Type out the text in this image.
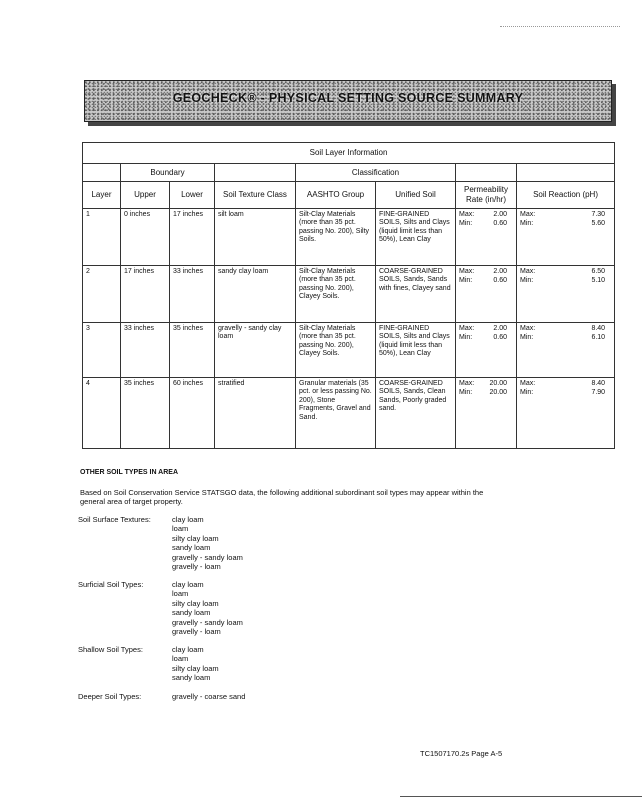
GEOCHECK® - PHYSICAL SETTING SOURCE SUMMARY
Soil Layer Information							
	Boundary			Classification			
Layer	Upper	Lower	Soil Texture Class	AASHTO Group	Unified Soil	Permeability Rate (in/hr)	Soil Reaction (pH)
1	0 inches	17 inches	silt loam	Silt-Clay Materials (more than 35 pct. passing No. 200), Silty Soils.	FINE-GRAINED SOILS, Silts and Clays (liquid limit less than 50%), Lean Clay	Max: 2.00
Min: 0.60	Max: 7.30
Min: 5.60

2	17 inches	33 inches	sandy clay loam	Silt-Clay Materials (more than 35 pct. passing No. 200), Clayey Soils.	COARSE-GRAINED SOILS, Sands, Sands with fines, Clayey sand	Max: 2.00
Min: 0.60	Max: 6.50
Min: 5.10

3	33 inches	35 inches	gravelly - sandy clay loam	Silt-Clay Materials (more than 35 pct. passing No. 200), Clayey Soils.	FINE-GRAINED SOILS, Silts and Clays (liquid limit less than 50%), Lean Clay	Max: 2.00
Min: 0.60	Max: 8.40
Min: 6.10

4	35 inches	60 inches	stratified	Granular materials (35 pct. or less passing No. 200), Stone Fragments, Gravel and Sand.	COARSE-GRAINED SOILS, Sands, Clean Sands, Poorly graded sand.	Max: 20.00
Min: 20.00	Max: 8.40
Min: 7.90
OTHER SOIL TYPES IN AREA
Based on Soil Conservation Service STATSGO data, the following additional subordinant soil types may appear within the general area of target property.
Soil Surface Textures:	clay loam
loam
silty clay loam
sandy loam
gravelly - sandy loam
gravelly - loam
Surficial Soil Types:	clay loam
loam
silty clay loam
sandy loam
gravelly - sandy loam
gravelly - loam
Shallow Soil Types:	clay loam
loam
silty clay loam
sandy loam
Deeper Soil Types:	gravelly - coarse sand
TC1507170.2s Page A-5
